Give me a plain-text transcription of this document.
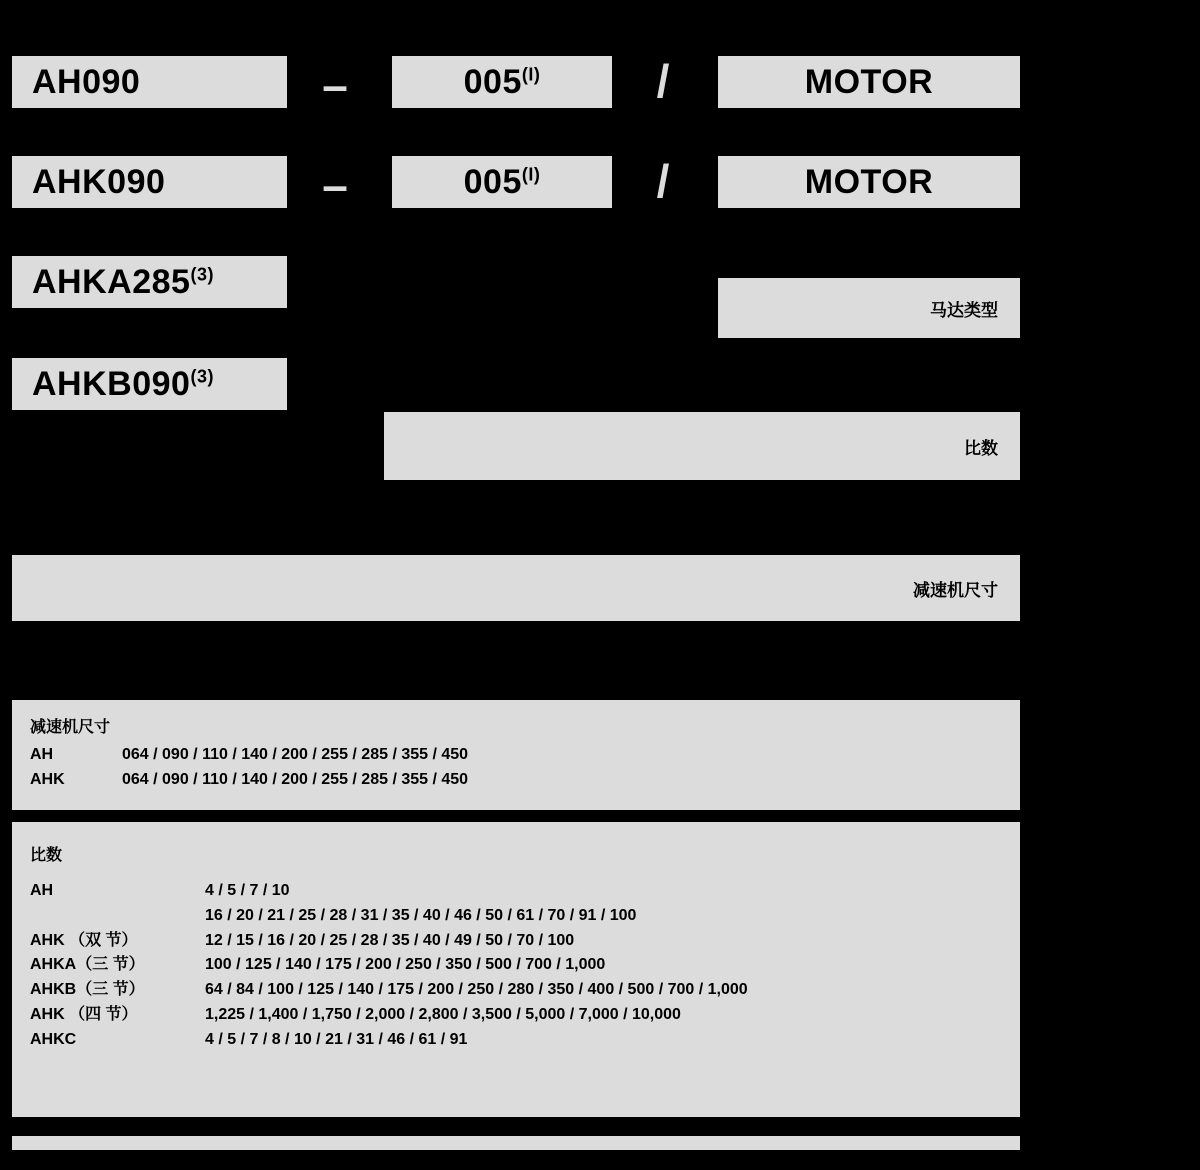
AH090	–	$005^{(I)}$	/	MOTOR
AHK090	–	$005^{(I)}$	/	MOTOR
AHKA285$^{(3)}$
AHKB090$^{(3)}$
马达类型
比数
减速机尺寸
减速机尺寸
AH	064 / 090 / 110 / 140 / 200 / 255 / 285 / 355 / 450
AHK	064 / 090 / 110 / 140 / 200 / 255 / 285 / 355 / 450
比数
AH	4 / 5 / 7 / 10
16 / 20 / 21 / 25 / 28 / 31 / 35 / 40 / 46 / 50 / 61 / 70 / 91 / 100
AHK （双 节）	12 / 15 / 16 / 20 / 25 / 28 / 35 / 40 / 49 / 50 / 70 / 100
AHKA（三 节）	100 / 125 / 140 / 175 / 200 / 250 / 350 / 500 / 700 / 1,000
AHKB（三 节）	64 / 84 / 100 / 125 / 140 / 175 / 200 / 250 / 280 / 350 / 400 / 500 / 700 / 1,000
AHK （四 节）	1,225 / 1,400 / 1,750 / 2,000 / 2,800 / 3,500 / 5,000 / 7,000 / 10,000
AHKC	4 / 5 / 7 / 8 / 10 / 21 / 31 / 46 / 61 / 91
